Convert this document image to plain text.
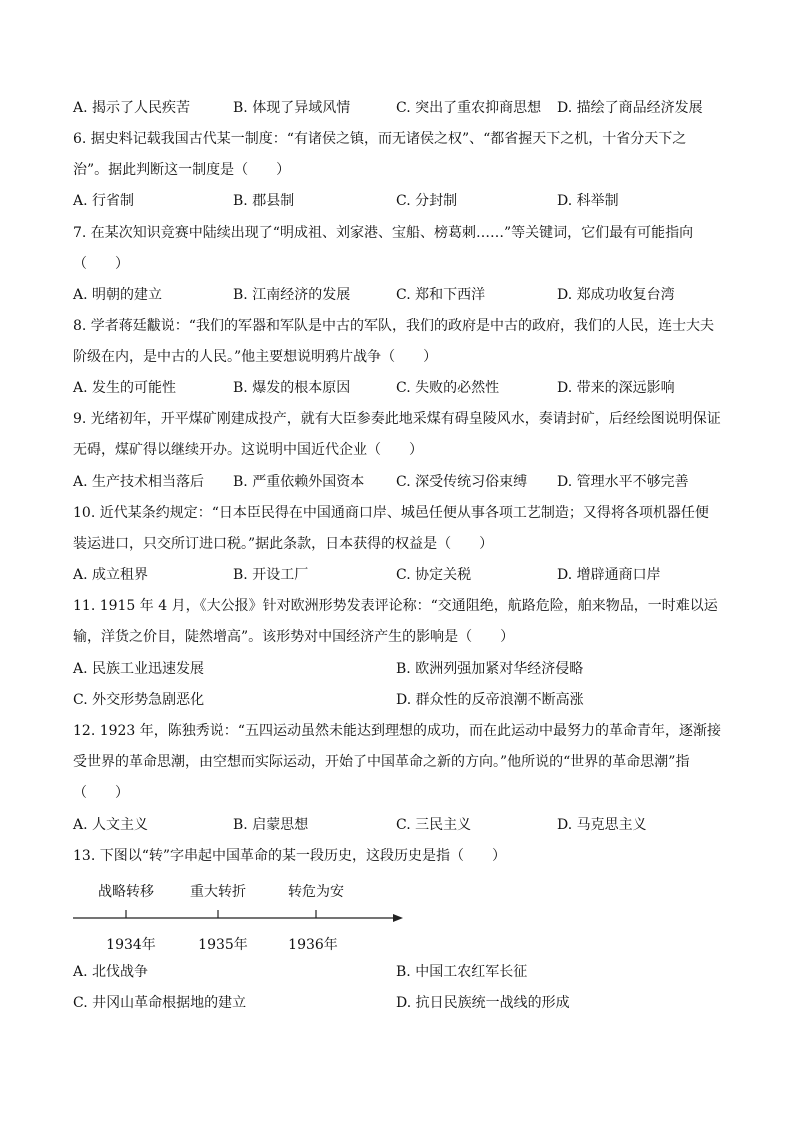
A. 揭示了人民疾苦	B. 体现了异域风情	C. 突出了重农抑商思想 D. 描绘了商品经济发展
6. 据史料记载我国古代某一制度：“有诸侯之镇，而无诸侯之权”、“都省握天下之机，十省分天下之
治”。据此判断这一制度是（　　）
A. 行省制	B. 郡县制	C. 分封制	D. 科举制
7. 在某次知识竞赛中陆续出现了“明成祖、刘家港、宝船、榜葛刺……”等关键词，它们最有可能指向
（　　）
A. 明朝的建立	B. 江南经济的发展	C. 郑和下西洋	D. 郑成功收复台湾
8. 学者蒋廷黻说：“我们的军器和军队是中古的军队，我们的政府是中古的政府，我们的人民，连士大夫
阶级在内，是中古的人民。”他主要想说明鸦片战争（　　）
A. 发生的可能性	B. 爆发的根本原因	C. 失败的必然性	D. 带来的深远影响
9. 光绪初年，开平煤矿刚建成投产，就有大臣参奏此地采煤有碍皇陵风水，奏请封矿，后经绘图说明保证
无碍，煤矿得以继续开办。这说明中国近代企业（　　）
A. 生产技术相当落后 B. 严重依赖外国资本 C. 深受传统习俗束缚 D. 管理水平不够完善
10. 近代某条约规定：“日本臣民得在中国通商口岸、城邑任便从事各项工艺制造；又得将各项机器任便
装运进口，只交所订进口税。”据此条款，日本获得的权益是（　　）
A. 成立租界	B. 开设工厂	C. 协定关税	D. 增辟通商口岸
11. 1915 年 4 月，《大公报》针对欧洲形势发表评论称：“交通阻绝，航路危险，舶来物品，一时难以运
输，洋货之价目，陡然增高”。该形势对中国经济产生的影响是（　　）
A. 民族工业迅速发展	B. 欧洲列强加紧对华经济侵略
C. 外交形势急剧恶化	D. 群众性的反帝浪潮不断高涨
12. 1923 年，陈独秀说：“五四运动虽然未能达到理想的成功，而在此运动中最努力的革命青年，逐渐接
受世界的革命思潮，由空想而实际运动，开始了中国革命之新的方向。”他所说的“世界的革命思潮”指
（　　）
A. 人文主义	B. 启蒙思想	C. 三民主义	D. 马克思主义
13. 下图以“转”字串起中国革命的某一段历史，这段历史是指（　　）
战略转移	重大转折	转危为安
1934年	1935年	1936年
A. 北伐战争	B. 中国工农红军长征
C. 井冈山革命根据地的建立	D. 抗日民族统一战线的形成
